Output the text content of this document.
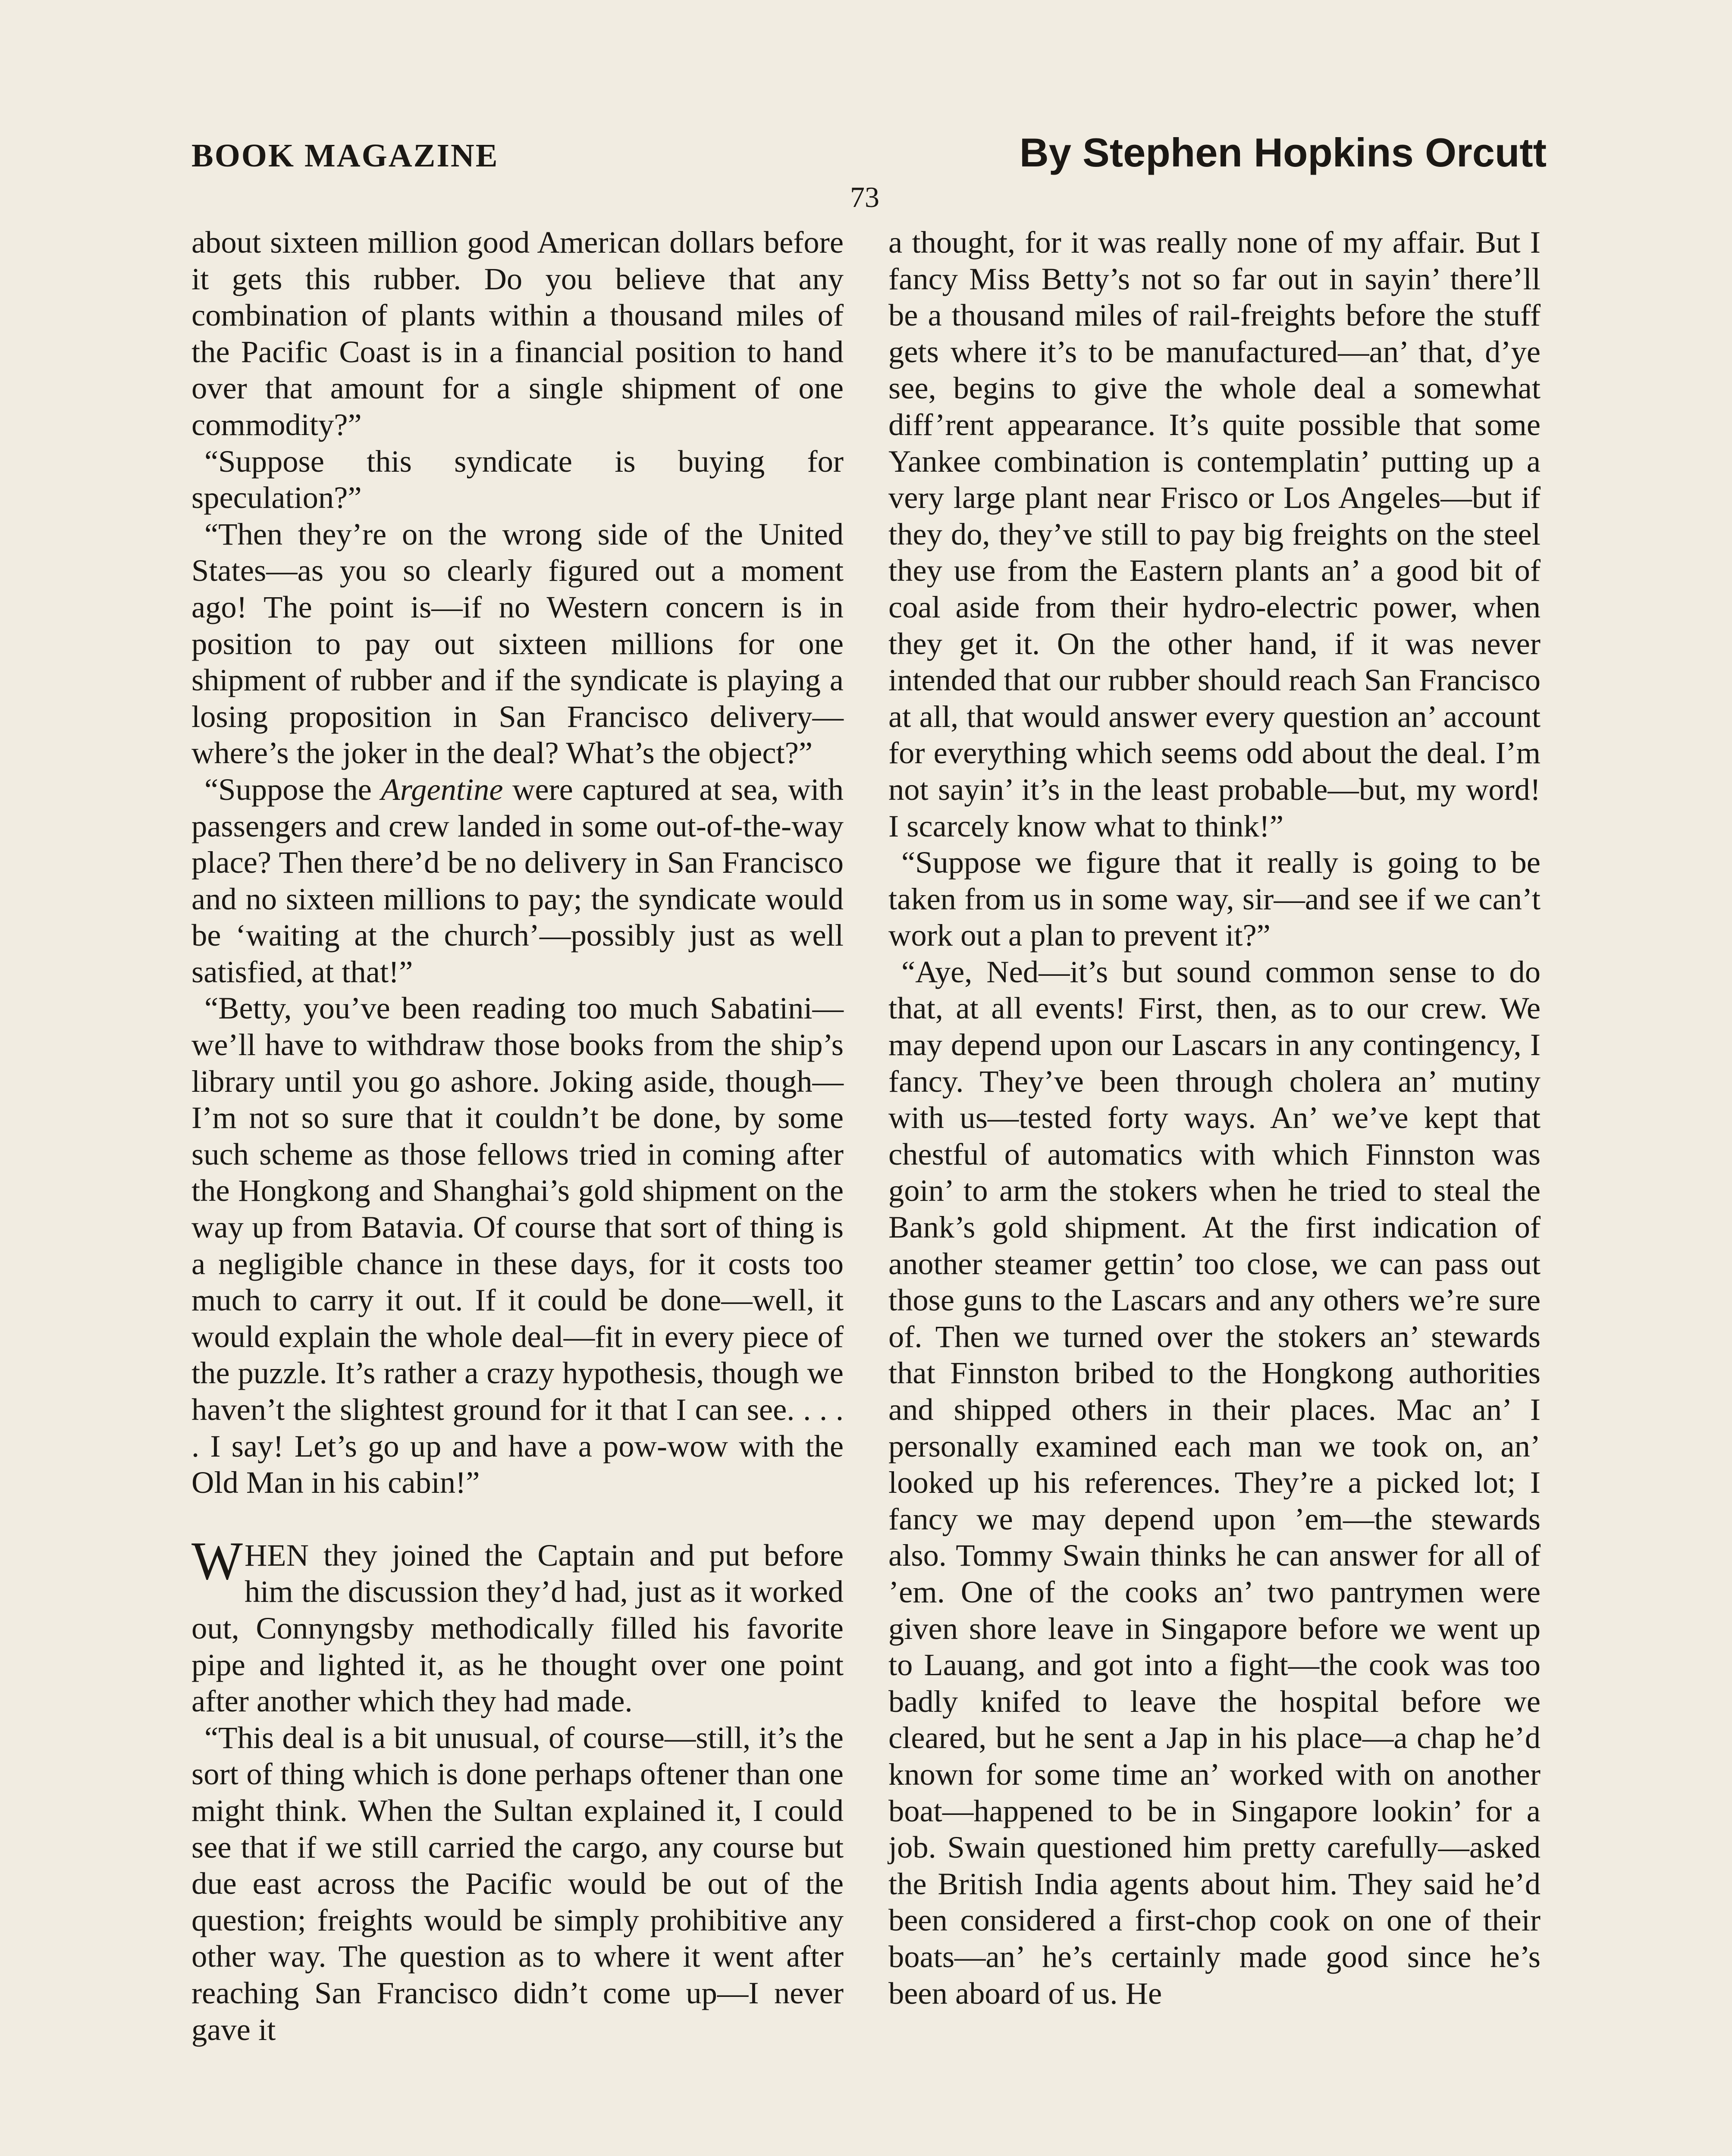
BOOK MAGAZINE	By Stephen Hopkins Orcutt
73

about sixteen million good American dollars before it gets this rubber. Do you believe that any combination of plants within a thousand miles of the Pacific Coast is in a financial position to hand over that amount for a single shipment of one commodity?”

“Suppose this syndicate is buying for speculation?”

“Then they’re on the wrong side of the United States—as you so clearly figured out a moment ago! The point is—if no Western concern is in position to pay out sixteen millions for one shipment of rubber and if the syndicate is playing a losing proposition in San Francisco delivery—where’s the joker in the deal? What’s the object?”

“Suppose the Argentine were captured at sea, with passengers and crew landed in some out-of-the-way place? Then there’d be no delivery in San Francisco and no sixteen millions to pay; the syndicate would be ‘waiting at the church’—possibly just as well satisfied, at that!”

“Betty, you’ve been reading too much Sabatini—we’ll have to withdraw those books from the ship’s library until you go ashore. Joking aside, though—I’m not so sure that it couldn’t be done, by some such scheme as those fellows tried in coming after the Hongkong and Shanghai’s gold shipment on the way up from Batavia. Of course that sort of thing is a negligible chance in these days, for it costs too much to carry it out. If it could be done—well, it would explain the whole deal—fit in every piece of the puzzle. It’s rather a crazy hypothesis, though we haven’t the slightest ground for it that I can see. . . . . I say! Let’s go up and have a pow-wow with the Old Man in his cabin!”

WHEN they joined the Captain and put before him the discussion they’d had, just as it worked out, Connyngsby methodically filled his favorite pipe and lighted it, as he thought over one point after another which they had made.

“This deal is a bit unusual, of course—still, it’s the sort of thing which is done perhaps oftener than one might think. When the Sultan explained it, I could see that if we still carried the cargo, any course but due east across the Pacific would be out of the question; freights would be simply prohibitive any other way. The question as to where it went after reaching San Francisco didn’t come up—I never gave it

a thought, for it was really none of my affair. But I fancy Miss Betty’s not so far out in sayin’ there’ll be a thousand miles of rail-freights before the stuff gets where it’s to be manufactured—an’ that, d’ye see, begins to give the whole deal a somewhat diff’rent appearance. It’s quite possible that some Yankee combination is contemplatin’ putting up a very large plant near Frisco or Los Angeles—but if they do, they’ve still to pay big freights on the steel they use from the Eastern plants an’ a good bit of coal aside from their hydro-electric power, when they get it. On the other hand, if it was never intended that our rubber should reach San Francisco at all, that would answer every question an’ account for everything which seems odd about the deal. I’m not sayin’ it’s in the least probable—but, my word! I scarcely know what to think!”

“Suppose we figure that it really is going to be taken from us in some way, sir—and see if we can’t work out a plan to prevent it?”

“Aye, Ned—it’s but sound common sense to do that, at all events! First, then, as to our crew. We may depend upon our Lascars in any contingency, I fancy. They’ve been through cholera an’ mutiny with us—tested forty ways. An’ we’ve kept that chestful of automatics with which Finnston was goin’ to arm the stokers when he tried to steal the Bank’s gold shipment. At the first indication of another steamer gettin’ too close, we can pass out those guns to the Lascars and any others we’re sure of. Then we turned over the stokers an’ stewards that Finnston bribed to the Hongkong authorities and shipped others in their places. Mac an’ I personally examined each man we took on, an’ looked up his references. They’re a picked lot; I fancy we may depend upon ’em—the stewards also. Tommy Swain thinks he can answer for all of ’em. One of the cooks an’ two pantrymen were given shore leave in Singapore before we went up to Lauang, and got into a fight—the cook was too badly knifed to leave the hospital before we cleared, but he sent a Jap in his place—a chap he’d known for some time an’ worked with on another boat—happened to be in Singapore lookin’ for a job. Swain questioned him pretty carefully—asked the British India agents about him. They said he’d been considered a first-chop cook on one of their boats—an’ he’s certainly made good since he’s been aboard of us. He
